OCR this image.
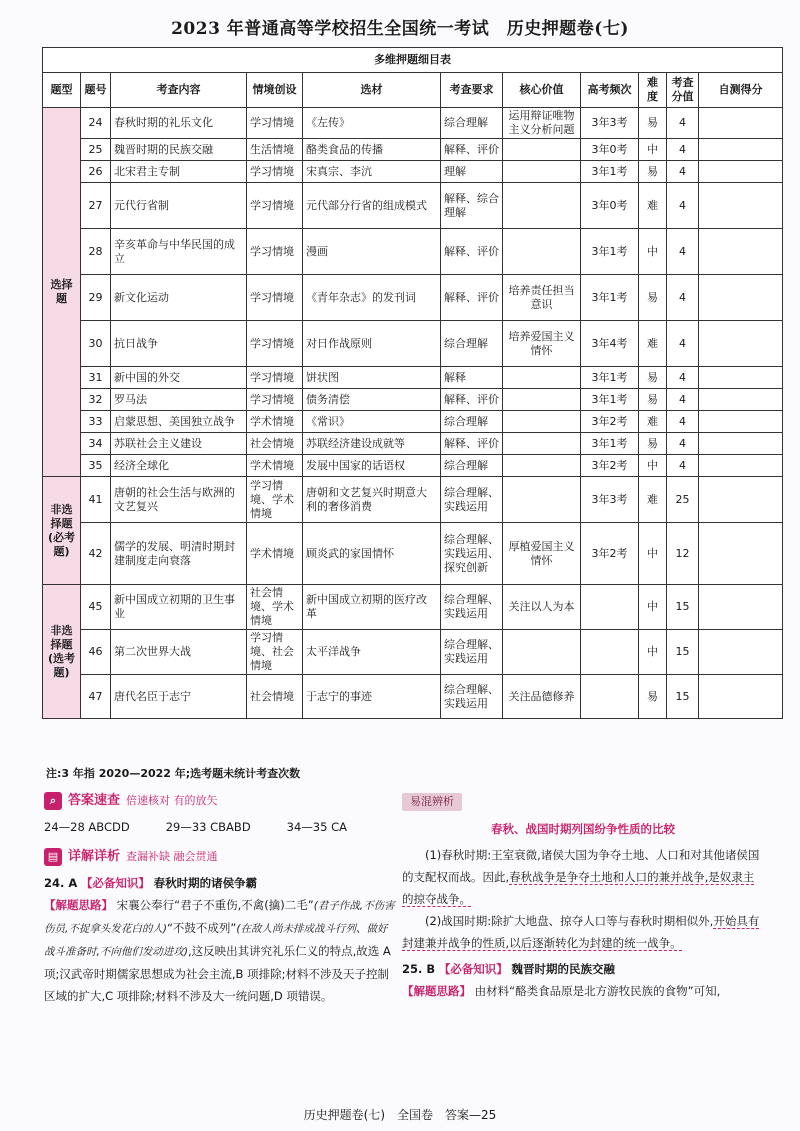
2023 年普通高等学校招生全国统一考试　历史押题卷(七)
多维押题细目表										
题型	题号	考查内容	情境创设	选材	考查要求	核心价值	高考频次	难度	考查分值	自测得分
选择题	24	春秋时期的礼乐文化	学习情境	《左传》	综合理解	运用辩证唯物主义分析问题	3年3考	易	4	
	25	魏晋时期的民族交融	生活情境	酪类食品的传播	解释、评价		3年0考	中	4	
	26	北宋君主专制	学习情境	宋真宗、李沆	理解		3年1考	易	4	
	27	元代行省制	学习情境	元代部分行省的组成模式	解释、综合理解		3年0考	难	4	
	28	辛亥革命与中华民国的成立	学习情境	漫画	解释、评价		3年1考	中	4	
	29	新文化运动	学习情境	《青年杂志》的发刊词	解释、评价	培养责任担当意识	3年1考	易	4	
	30	抗日战争	学习情境	对日作战原则	综合理解	培养爱国主义情怀	3年4考	难	4	
	31	新中国的外交	学习情境	饼状图	解释		3年1考	易	4	
	32	罗马法	学习情境	债务清偿	解释、评价		3年1考	易	4	
	33	启蒙思想、美国独立战争	学术情境	《常识》	综合理解		3年2考	难	4	
	34	苏联社会主义建设	社会情境	苏联经济建设成就等	解释、评价		3年1考	易	4	
	35	经济全球化	学术情境	发展中国家的话语权	综合理解		3年2考	中	4	
非选择题(必考题)	41	唐朝的社会生活与欧洲的文艺复兴	学习情境、学术情境	唐朝和文艺复兴时期意大利的奢侈消费	综合理解、实践运用		3年3考	难	25	
	42	儒学的发展、明清时期封建制度走向衰落	学术情境	顾炎武的家国情怀	综合理解、实践运用、探究创新	厚植爱国主义情怀	3年2考	中	12	
非选择题(选考题)	45	新中国成立初期的卫生事业	社会情境、学术情境	新中国成立初期的医疗改革	综合理解、实践运用	关注以人为本		中	15	
	46	第二次世界大战	学习情境、社会情境	太平洋战争	综合理解、实践运用			中	15	
	47	唐代名臣于志宁	社会情境	于志宁的事迹	综合理解、实践运用	关注品德修养		易	15	
注:3 年指 2020—2022 年;选考题未统计考查次数
⌕ 答案速查 倍速核对 有的放矢
24—28 ABCDD	29—33 CBABD	34—35 CA
▤ 详解详析 查漏补缺 融会贯通
24. A 【必备知识】 春秋时期的诸侯争霸
【解题思路】 宋襄公奉行“君子不重伤,不禽(擒)二毛”(君子作战,不伤害伤员,不捉拿头发花白的人)“不鼓不成列”(在敌人尚未排成战斗行列、做好战斗准备时,不向他们发动进攻),这反映出其讲究礼乐仁义的特点,故选 A 项;汉武帝时期儒家思想成为社会主流,B 项排除;材料不涉及天子控制区域的扩大,C 项排除;材料不涉及大一统问题,D 项错误。
易混辨析
春秋、战国时期列国纷争性质的比较

(1)春秋时期:王室衰微,诸侯大国为争夺土地、人口和对其他诸侯国的支配权而战。因此,春秋战争是争夺土地和人口的兼并战争,是奴隶主的掠夺战争。

(2)战国时期:除扩大地盘、掠夺人口等与春秋时期相似外,开始具有封建兼并战争的性质,以后逐渐转化为封建的统一战争。

25. B 【必备知识】 魏晋时期的民族交融
【解题思路】 由材料“酪类食品原是北方游牧民族的食物”可知,
历史押题卷(七)　全国卷　答案—25
